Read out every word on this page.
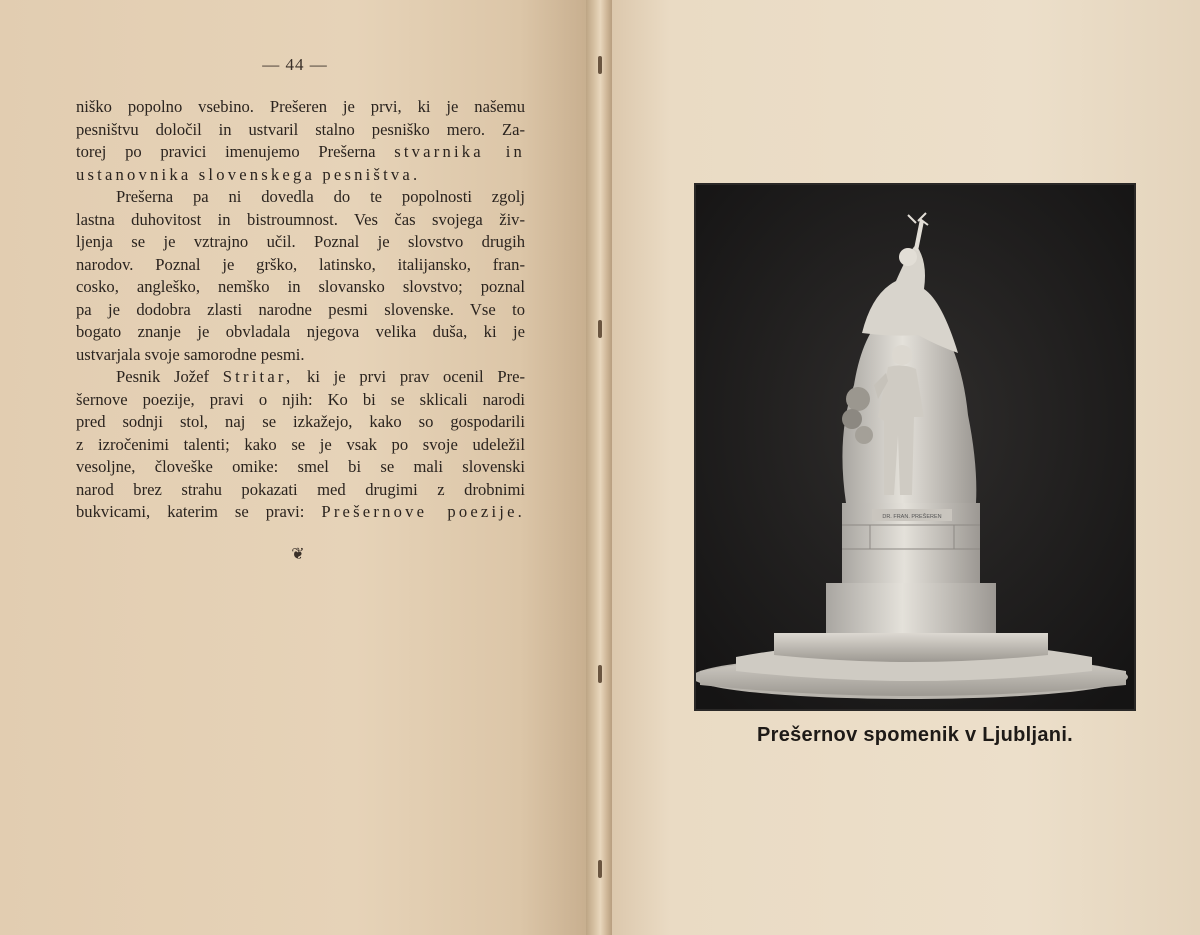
— 44 —
niško popolno vsebino. Prešeren je prvi, ki je našemu
pesništvu določil in ustvaril stalno pesniško mero. Za-
torej po pravici imenujemo Prešerna stvarnika in
ustanovnika slovenskega pesništva.
Prešerna pa ni dovedla do te popolnosti zgolj
lastna duhovitost in bistroumnost. Ves čas svojega živ-
ljenja se je vztrajno učil. Poznal je slovstvo drugih
narodov. Poznal je grško, latinsko, italijansko, fran-
cosko, angleško, nemško in slovansko slovstvo; poznal
pa je dodobra zlasti narodne pesmi slovenske. Vse to
bogato znanje je obvladala njegova velika duša, ki je
ustvarjala svoje samorodne pesmi.
Pesnik Jožef Stritar, ki je prvi prav ocenil Pre-
šernove poezije, pravi o njih: Ko bi se sklicali narodi
pred sodnji stol, naj se izkažejo, kako so gospodarili
z izročenimi talenti; kako se je vsak po svoje udeležil
vesoljne, človeške omike: smel bi se mali slovenski
narod brez strahu pokazati med drugimi z drobnimi
bukvicami, katerim se pravi: Prešernove poezije.
❦
DR. FRAN. PREŠEREN
Prešernov spomenik v Ljubljani.
